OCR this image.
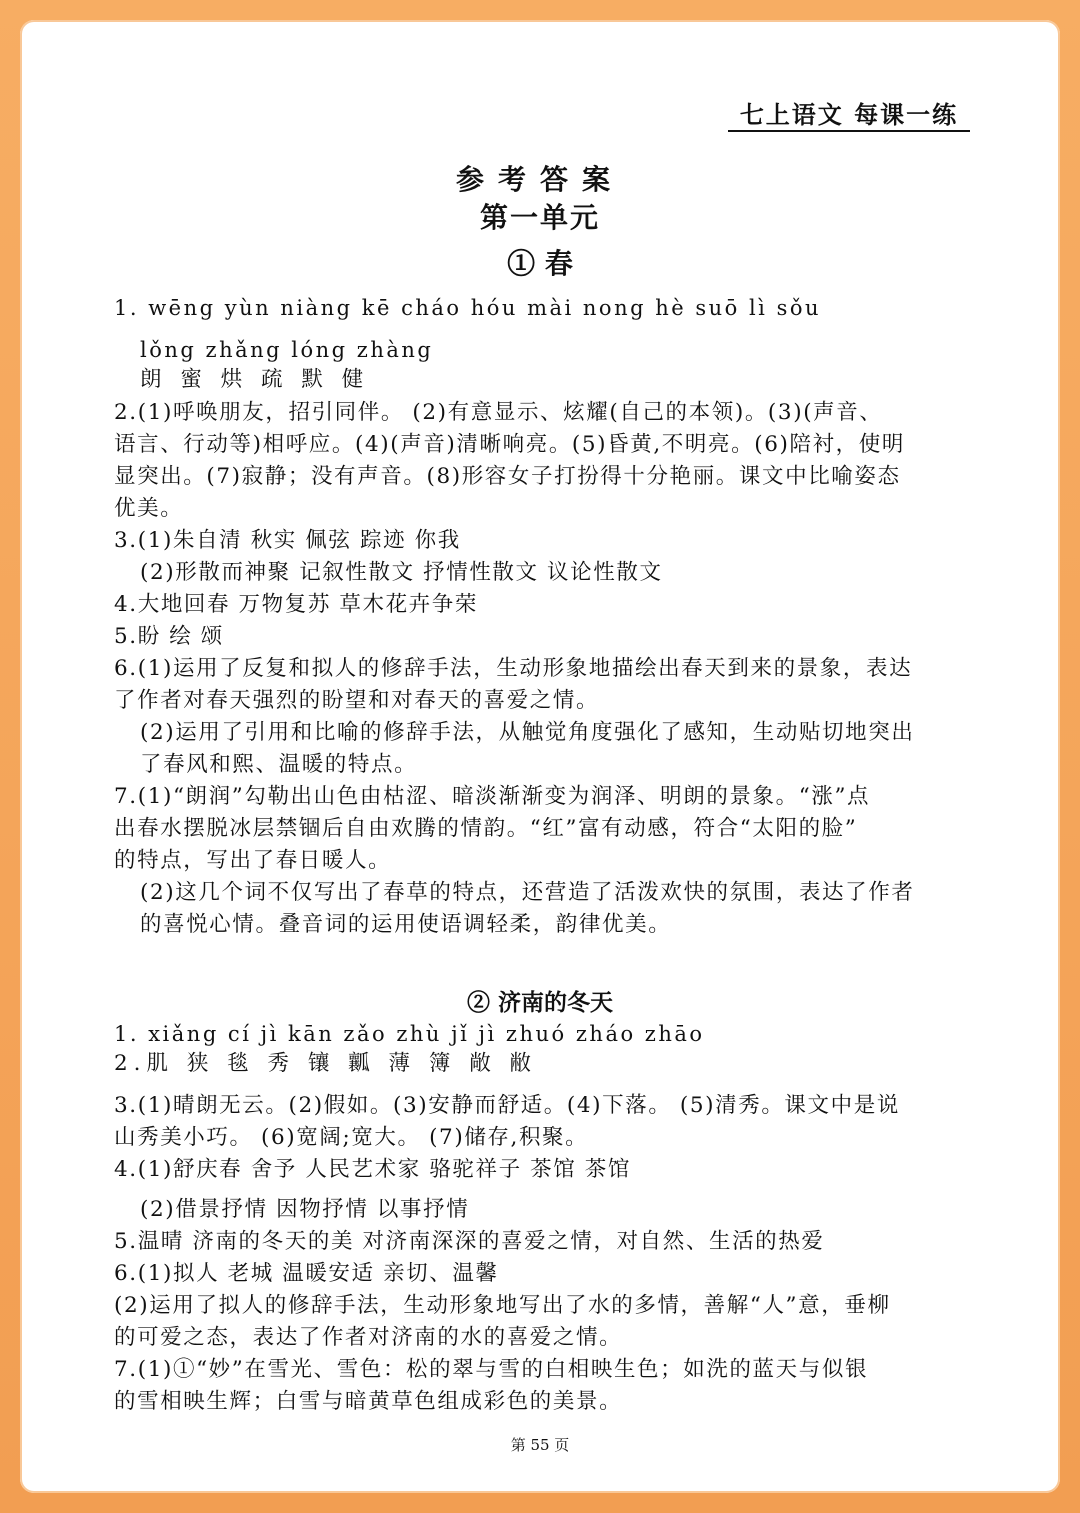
七上语文 每课一练
参考答案
第一单元
① 春
1. wēng yùn niàng kē cháo hóu mài nong hè suō lì sǒu
lǒng zhǎng lóng zhàng
朗 蜜 烘 疏 默 健
2.(1)呼唤朋友，招引同伴。 (2)有意显示、炫耀(自己的本领)。(3)(声音、
语言、行动等)相呼应。(4)(声音)清晰响亮。(5)昏黄,不明亮。(6)陪衬，使明
显突出。(7)寂静；没有声音。(8)形容女子打扮得十分艳丽。课文中比喻姿态
优美。
3.(1)朱自清 秋实 佩弦 踪迹 你我
(2)形散而神聚 记叙性散文 抒情性散文 议论性散文
4.大地回春 万物复苏 草木花卉争荣
5.盼 绘 颂
6.(1)运用了反复和拟人的修辞手法，生动形象地描绘出春天到来的景象，表达
了作者对春天强烈的盼望和对春天的喜爱之情。
(2)运用了引用和比喻的修辞手法，从触觉角度强化了感知，生动贴切地突出
了春风和熙、温暖的特点。
7.(1)“朗润”勾勒出山色由枯涩、暗淡渐渐变为润泽、明朗的景象。“涨”点
出春水摆脱冰层禁锢后自由欢腾的情韵。“红”富有动感，符合“太阳的脸”
的特点，写出了春日暖人。
(2)这几个词不仅写出了春草的特点，还营造了活泼欢快的氛围，表达了作者
的喜悦心情。叠音词的运用使语调轻柔，韵律优美。
② 济南的冬天
1. xiǎng cí jì kān zǎo zhù jǐ jì zhuó zháo zhāo
2.肌 狭 毯 秀 镶 瓤 薄 簿 敞 敝
3.(1)晴朗无云。(2)假如。(3)安静而舒适。(4)下落。 (5)清秀。课文中是说
山秀美小巧。 (6)宽阔;宽大。 (7)储存,积聚。
4.(1)舒庆春 舍予 人民艺术家 骆驼祥子 茶馆 茶馆
(2)借景抒情 因物抒情 以事抒情
5.温晴 济南的冬天的美 对济南深深的喜爱之情，对自然、生活的热爱
6.(1)拟人 老城 温暖安适 亲切、温馨
(2)运用了拟人的修辞手法，生动形象地写出了水的多情，善解“人”意，垂柳
的可爱之态，表达了作者对济南的水的喜爱之情。
7.(1)①“妙”在雪光、雪色：松的翠与雪的白相映生色；如洗的蓝天与似银
的雪相映生辉；白雪与暗黄草色组成彩色的美景。
第 55 页
